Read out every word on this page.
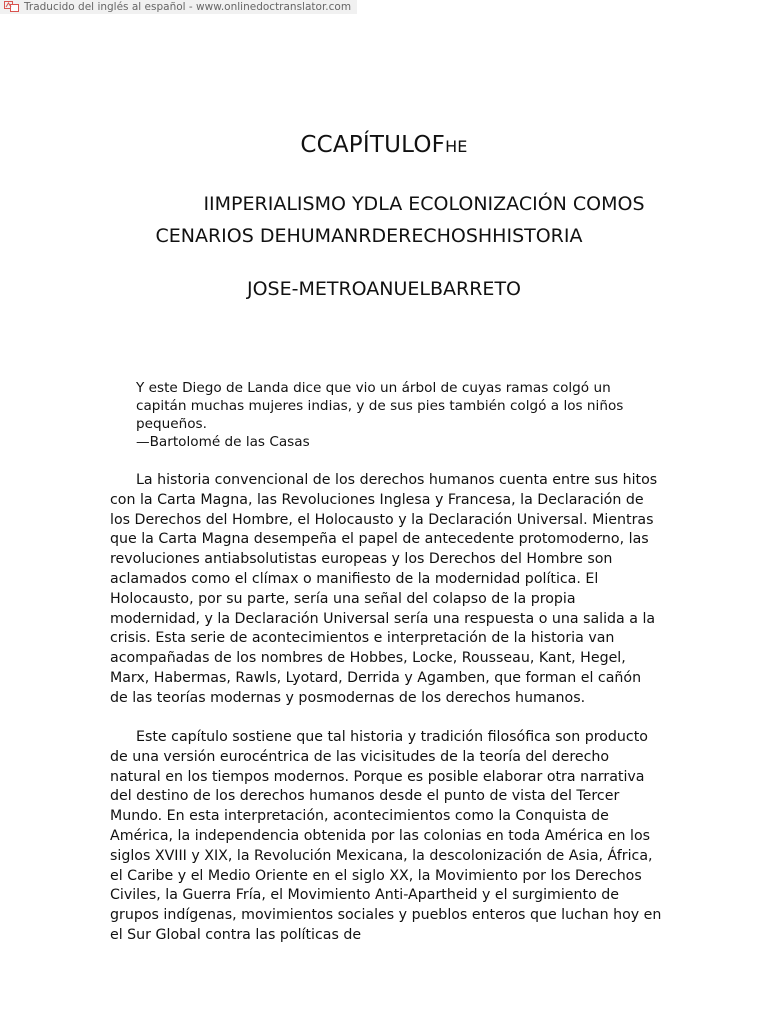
Traducido del inglés al español - www.onlinedoctranslator.com
CCAPÍTULOFhe
IIMPERIALISMO YDLA ECOLONIZACIÓN COMOS
CENARIOS DEHUMANRDERECHOSHHISTORIA
JOSE-METROANUELBARRETO

Y este Diego de Landa dice que vio un árbol de cuyas ramas colgó un capitán muchas mujeres indias, y de sus pies también colgó a los niños pequeños.

—Bartolomé de las Casas

La historia convencional de los derechos humanos cuenta entre sus hitos con la Carta Magna, las Revoluciones Inglesa y Francesa, la Declaración de los Derechos del Hombre, el Holocausto y la Declaración Universal. Mientras que la Carta Magna desempeña el papel de antecedente protomoderno, las revoluciones antiabsolutistas europeas y los Derechos del Hombre son aclamados como el clímax o manifiesto de la modernidad política. El Holocausto, por su parte, sería una señal del colapso de la propia modernidad, y la Declaración Universal sería una respuesta o una salida a la crisis. Esta serie de acontecimientos e interpretación de la historia van acompañadas de los nombres de Hobbes, Locke, Rousseau, Kant, Hegel, Marx, Habermas, Rawls, Lyotard, Derrida y Agamben, que forman el cañón de las teorías modernas y posmodernas de los derechos humanos.

Este capítulo sostiene que tal historia y tradición filosófica son producto de una versión eurocéntrica de las vicisitudes de la teoría del derecho natural en los tiempos modernos. Porque es posible elaborar otra narrativa del destino de los derechos humanos desde el punto de vista del Tercer Mundo. En esta interpretación, acontecimientos como la Conquista de América, la independencia obtenida por las colonias en toda América en los siglos XVIII y XIX, la Revolución Mexicana, la descolonización de Asia, África, el Caribe y el Medio Oriente en el siglo XX, la Movimiento por los Derechos Civiles, la Guerra Fría, el Movimiento Anti-Apartheid y el surgimiento de grupos indígenas, movimientos sociales y pueblos enteros que luchan hoy en el Sur Global contra las políticas de
